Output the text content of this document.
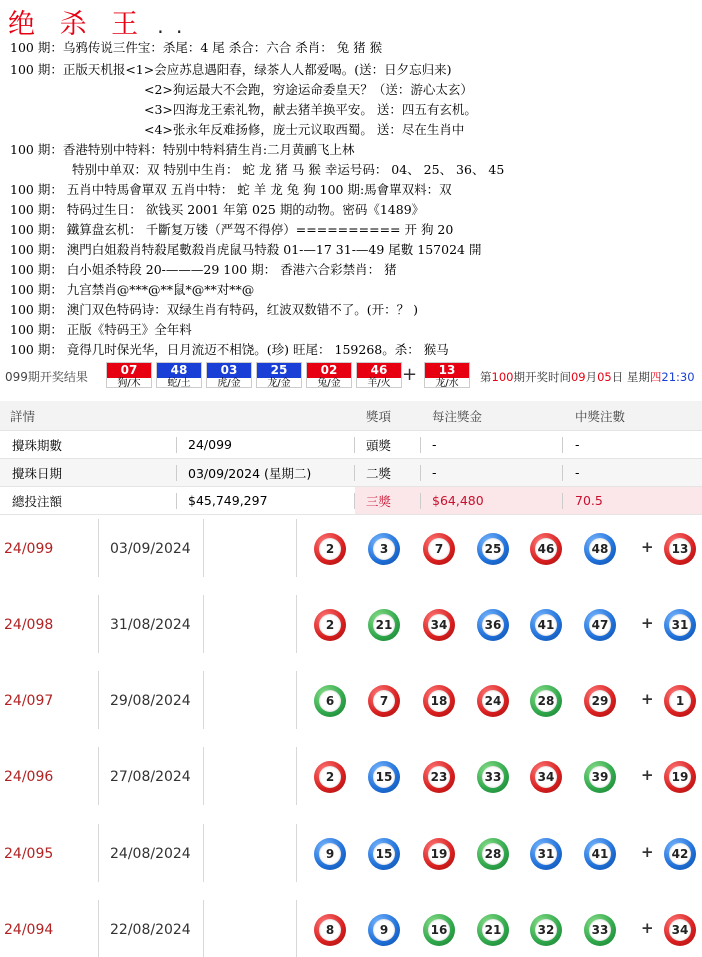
绝 杀 王 . .
100 期：乌鸦传说三件宝：杀尾：4 尾 杀合：六合 杀肖： 兔 猪 猴
100 期：正版天机报<1>会应苏息遇阳春，绿茶人人都爱喝。(送：日夕忘归来)
<2>狗运最大不会跑，穷途运命委皇天？（送：游心太玄）
<3>四海龙王索礼物，献去猪羊换平安。 送：四五有玄机。
<4>张永年反难扬修，庞士元议取西蜀。 送：尽在生肖中
100 期：香港特别中特料：特别中特料猜生肖:二月黄鹂飞上林
特别中单双：双 特别中生肖： 蛇 龙 猪 马 猴 幸运号码： 04、 25、 36、 45
100 期： 五肖中特馬會單双 五肖中特： 蛇 羊 龙 兔 狗 100 期:馬會單双料：双
100 期： 特码过生日： 欲钱买 2001 年第 025 期的动物。密码《1489》
100 期： 鐵算盘玄机： 千斷复万镂（严驾不得停）========== 开 狗 20
100 期： 澳門白姐殺肖特殺尾數殺肖虎鼠马特殺 01-—17 31-—49 尾數 157024 開
100 期： 白小姐杀特段 20-———29 100 期： 香港六合彩禁肖： 猪
100 期： 九宫禁肖@***@**鼠*@**对**@
100 期： 澳门双色特码诗：双绿生肖有特码，红波双数错不了。(开：？ )
100 期： 正版《特码王》全年料
100 期： 竟得几时保光华，日月流迈不相饶。(珍) 旺尾： 159268。杀： 猴马
099期开奖结果	07
狗/木
48
蛇/土
03
虎/金
25
龙/金
02
兔/金
46
羊/火 +	13
龙/水	第100期开奖时间09月05日 星期四21:30
詳情	獎項	每注獎金	中獎注數
攪珠期數	24/099	頭獎	-	-
攪珠日期	03/09/2024 (星期二)	二獎	-	-
總投注額	$45,749,297	三獎	$64,480	70.5
24/099	03/09/2024	2	3	7	25	46	48 + 13
24/098	31/08/2024	2	21	34	36	41	47 + 31
24/097	29/08/2024	6	7	18	24	28	29 +	1
24/096	27/08/2024	2	15	23	33	34	39 + 19
24/095	24/08/2024	9	15	19	28	31	41 + 42
24/094	22/08/2024	8	9	16	21	32	33 + 34
